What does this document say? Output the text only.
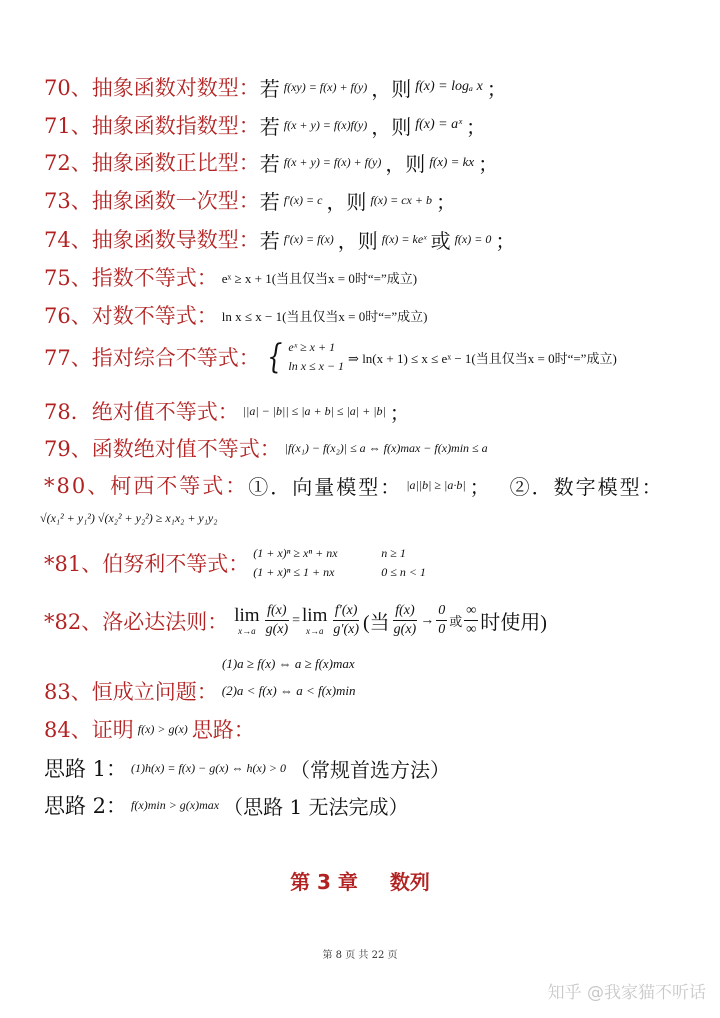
70、抽象函数对数型： 若 f(xy) = f(x) + f(y) ，则 f(x) = logₐ x ；
71、抽象函数指数型： 若 f(x + y) = f(x)f(y) ，则 f(x) = aˣ ；
72、抽象函数正比型： 若 f(x + y) = f(x) + f(y) ，则 f(x) = kx ；
73、抽象函数一次型： 若 f′(x) = c ，则 f(x) = cx + b ；
74、抽象函数导数型： 若 f′(x) = f(x) ，则 f(x) = keˣ 或 f(x) = 0 ；
75、指数不等式： eˣ ≥ x + 1(当且仅当x = 0时“=”成立)
76、对数不等式： ln x ≤ x − 1(当且仅当x = 0时“=”成立)
77、指对综合不等式： { eˣ ≥ x + 1
ln x ≤ x − 1
⇒ ln(x + 1) ≤ x ≤ eˣ − 1(当且仅当x = 0时“=”成立)
78．绝对值不等式： ||a| − |b|| ≤ |a + b| ≤ |a| + |b| ；
79、函数绝对值不等式： |f(x₁) − f(x₂)| ≤ a ⇔ f(x)max − f(x)min ≤ a
*80、柯西不等式： ①．向量模型： |a||b| ≥ |a·b| ； ②．数字模型：
√(x₁² + y₁²) √(x₂² + y₂²) ≥ x₁x₂ + y₁y₂
*81、伯努利不等式： (1 + x)ⁿ ≥ xⁿ + nx	n ≥ 1
(1 + x)ⁿ ≤ 1 + nx	0 ≤ n < 1
*82、洛必达法则： lim
$x\to a \frac{f(x)}{g(x)} = \lim$
$x\to a \frac{f'(x)}{g'(x)}$ (当 $\frac{f(x)}{g(x)} \to \frac{0}{0}$ 或 $\frac{\infty}{\infty}$ 时使用)
(1)a ≥ f(x) ⇔ a ≥ f(x)max
83、恒成立问题： (2)a < f(x) ⇔ a < f(x)min
84、证明 f(x) > g(x) 思路：
思路 1： (1)h(x) = f(x) − g(x) ⇔ h(x) > 0 （常规首选方法）
思路 2： f(x)min > g(x)max （思路 1 无法完成）
第 3 章 数列
第 8 页 共 22 页
知乎 @我家猫不听话
